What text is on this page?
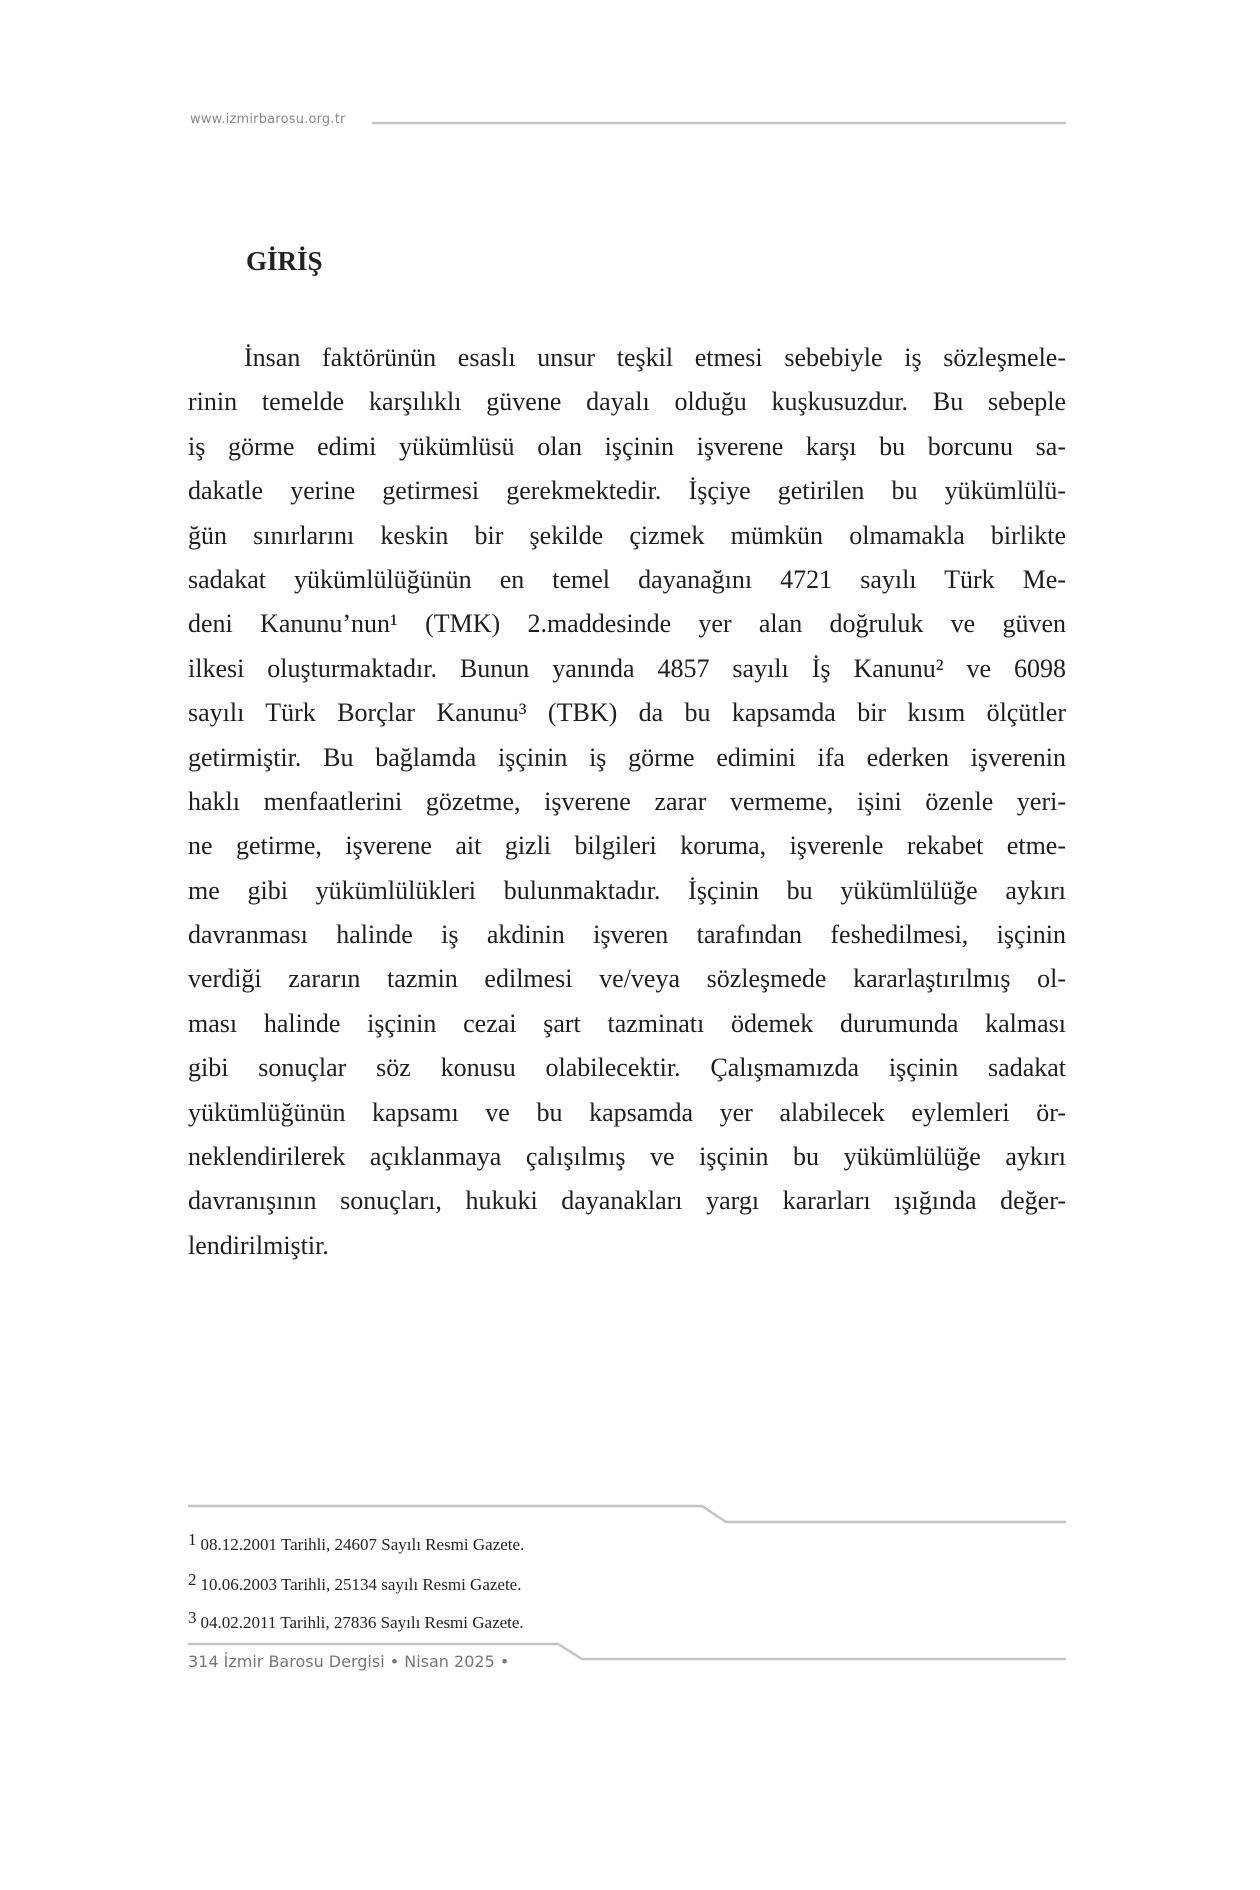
www.izmirbarosu.org.tr
GİRİŞ
İnsan faktörünün esaslı unsur teşkil etmesi sebebiyle iş sözleşmele-
rinin temelde karşılıklı güvene dayalı olduğu kuşkusuzdur. Bu sebeple
iş görme edimi yükümlüsü olan işçinin işverene karşı bu borcunu sa-
dakatle yerine getirmesi gerekmektedir. İşçiye getirilen bu yükümlülü-
ğün sınırlarını keskin bir şekilde çizmek mümkün olmamakla birlikte
sadakat yükümlülüğünün en temel dayanağını 4721 sayılı Türk Me-
deni Kanunu’nun¹ (TMK) 2.maddesinde yer alan doğruluk ve güven
ilkesi oluşturmaktadır. Bunun yanında 4857 sayılı İş Kanunu² ve 6098
sayılı Türk Borçlar Kanunu³ (TBK) da bu kapsamda bir kısım ölçütler
getirmiştir. Bu bağlamda işçinin iş görme edimini ifa ederken işverenin
haklı menfaatlerini gözetme, işverene zarar vermeme, işini özenle yeri-
ne getirme, işverene ait gizli bilgileri koruma, işverenle rekabet etme-
me gibi yükümlülükleri bulunmaktadır. İşçinin bu yükümlülüğe aykırı
davranması halinde iş akdinin işveren tarafından feshedilmesi, işçinin
verdiği zararın tazmin edilmesi ve/veya sözleşmede kararlaştırılmış ol-
ması halinde işçinin cezai şart tazminatı ödemek durumunda kalması
gibi sonuçlar söz konusu olabilecektir. Çalışmamızda işçinin sadakat
yükümlüğünün kapsamı ve bu kapsamda yer alabilecek eylemleri ör-
neklendirilerek açıklanmaya çalışılmış ve işçinin bu yükümlülüğe aykırı
davranışının sonuçları, hukuki dayanakları yargı kararları ışığında değer-
lendirilmiştir.
$^1$ 08.12.2001 Tarihli, 24607 Sayılı Resmi Gazete.
$^2$ 10.06.2003 Tarihli, 25134 sayılı Resmi Gazete.
$^3$ 04.02.2011 Tarihli, 27836 Sayılı Resmi Gazete.
314 İzmir Barosu Dergisi • Nisan 2025 •
